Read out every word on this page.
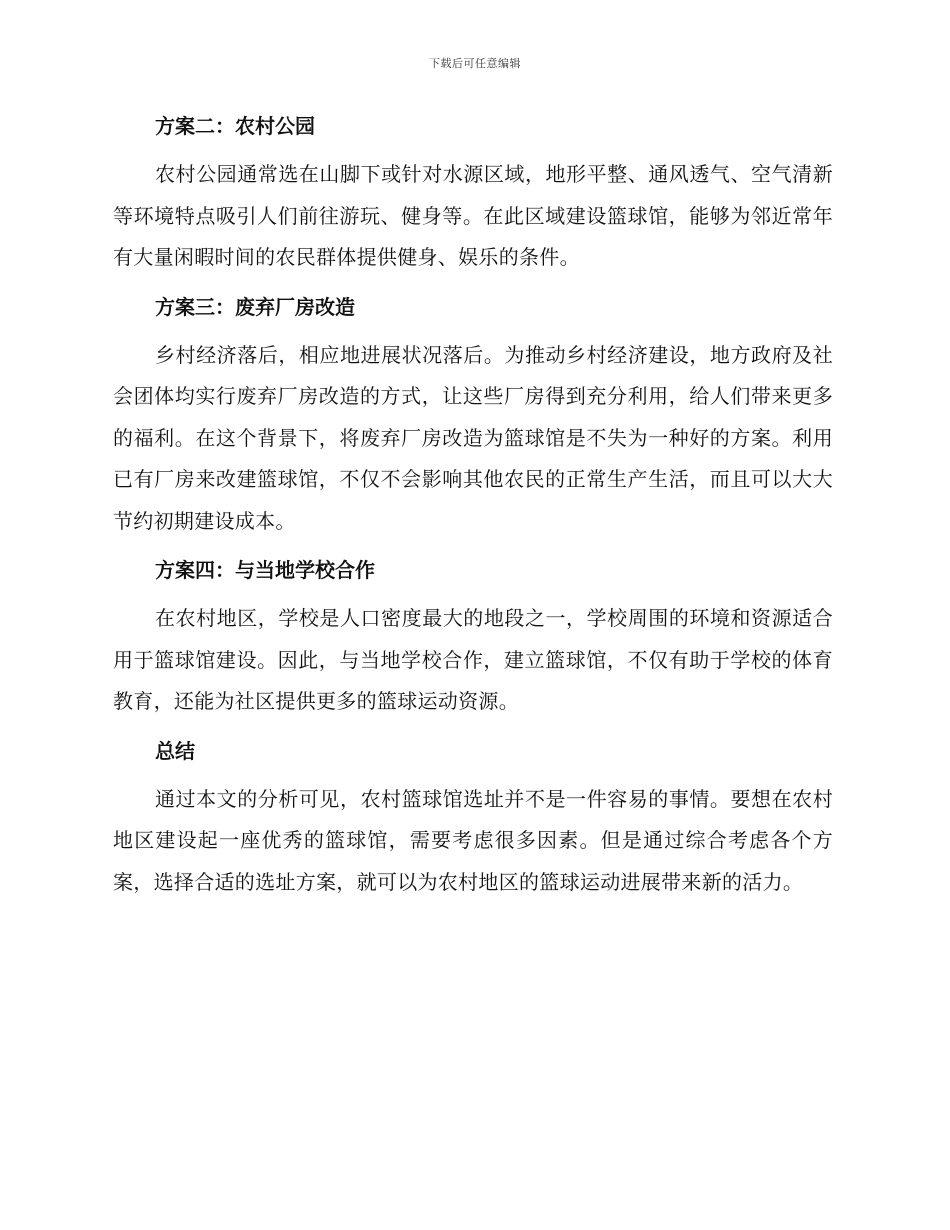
下载后可任意编辑
方案二：农村公园

农村公园通常选在山脚下或针对水源区域，地形平整、通风透气、空气清新等环境特点吸引人们前往游玩、健身等。在此区域建设篮球馆，能够为邻近常年有大量闲暇时间的农民群体提供健身、娱乐的条件。

方案三：废弃厂房改造

乡村经济落后，相应地进展状况落后。为推动乡村经济建设，地方政府及社会团体均实行废弃厂房改造的方式，让这些厂房得到充分利用，给人们带来更多的福利。在这个背景下，将废弃厂房改造为篮球馆是不失为一种好的方案。利用已有厂房来改建篮球馆，不仅不会影响其他农民的正常生产生活，而且可以大大节约初期建设成本。

方案四：与当地学校合作

在农村地区，学校是人口密度最大的地段之一，学校周围的环境和资源适合用于篮球馆建设。因此，与当地学校合作，建立篮球馆，不仅有助于学校的体育教育，还能为社区提供更多的篮球运动资源。

总结

通过本文的分析可见，农村篮球馆选址并不是一件容易的事情。要想在农村地区建设起一座优秀的篮球馆，需要考虑很多因素。但是通过综合考虑各个方案，选择合适的选址方案，就可以为农村地区的篮球运动进展带来新的活力。
